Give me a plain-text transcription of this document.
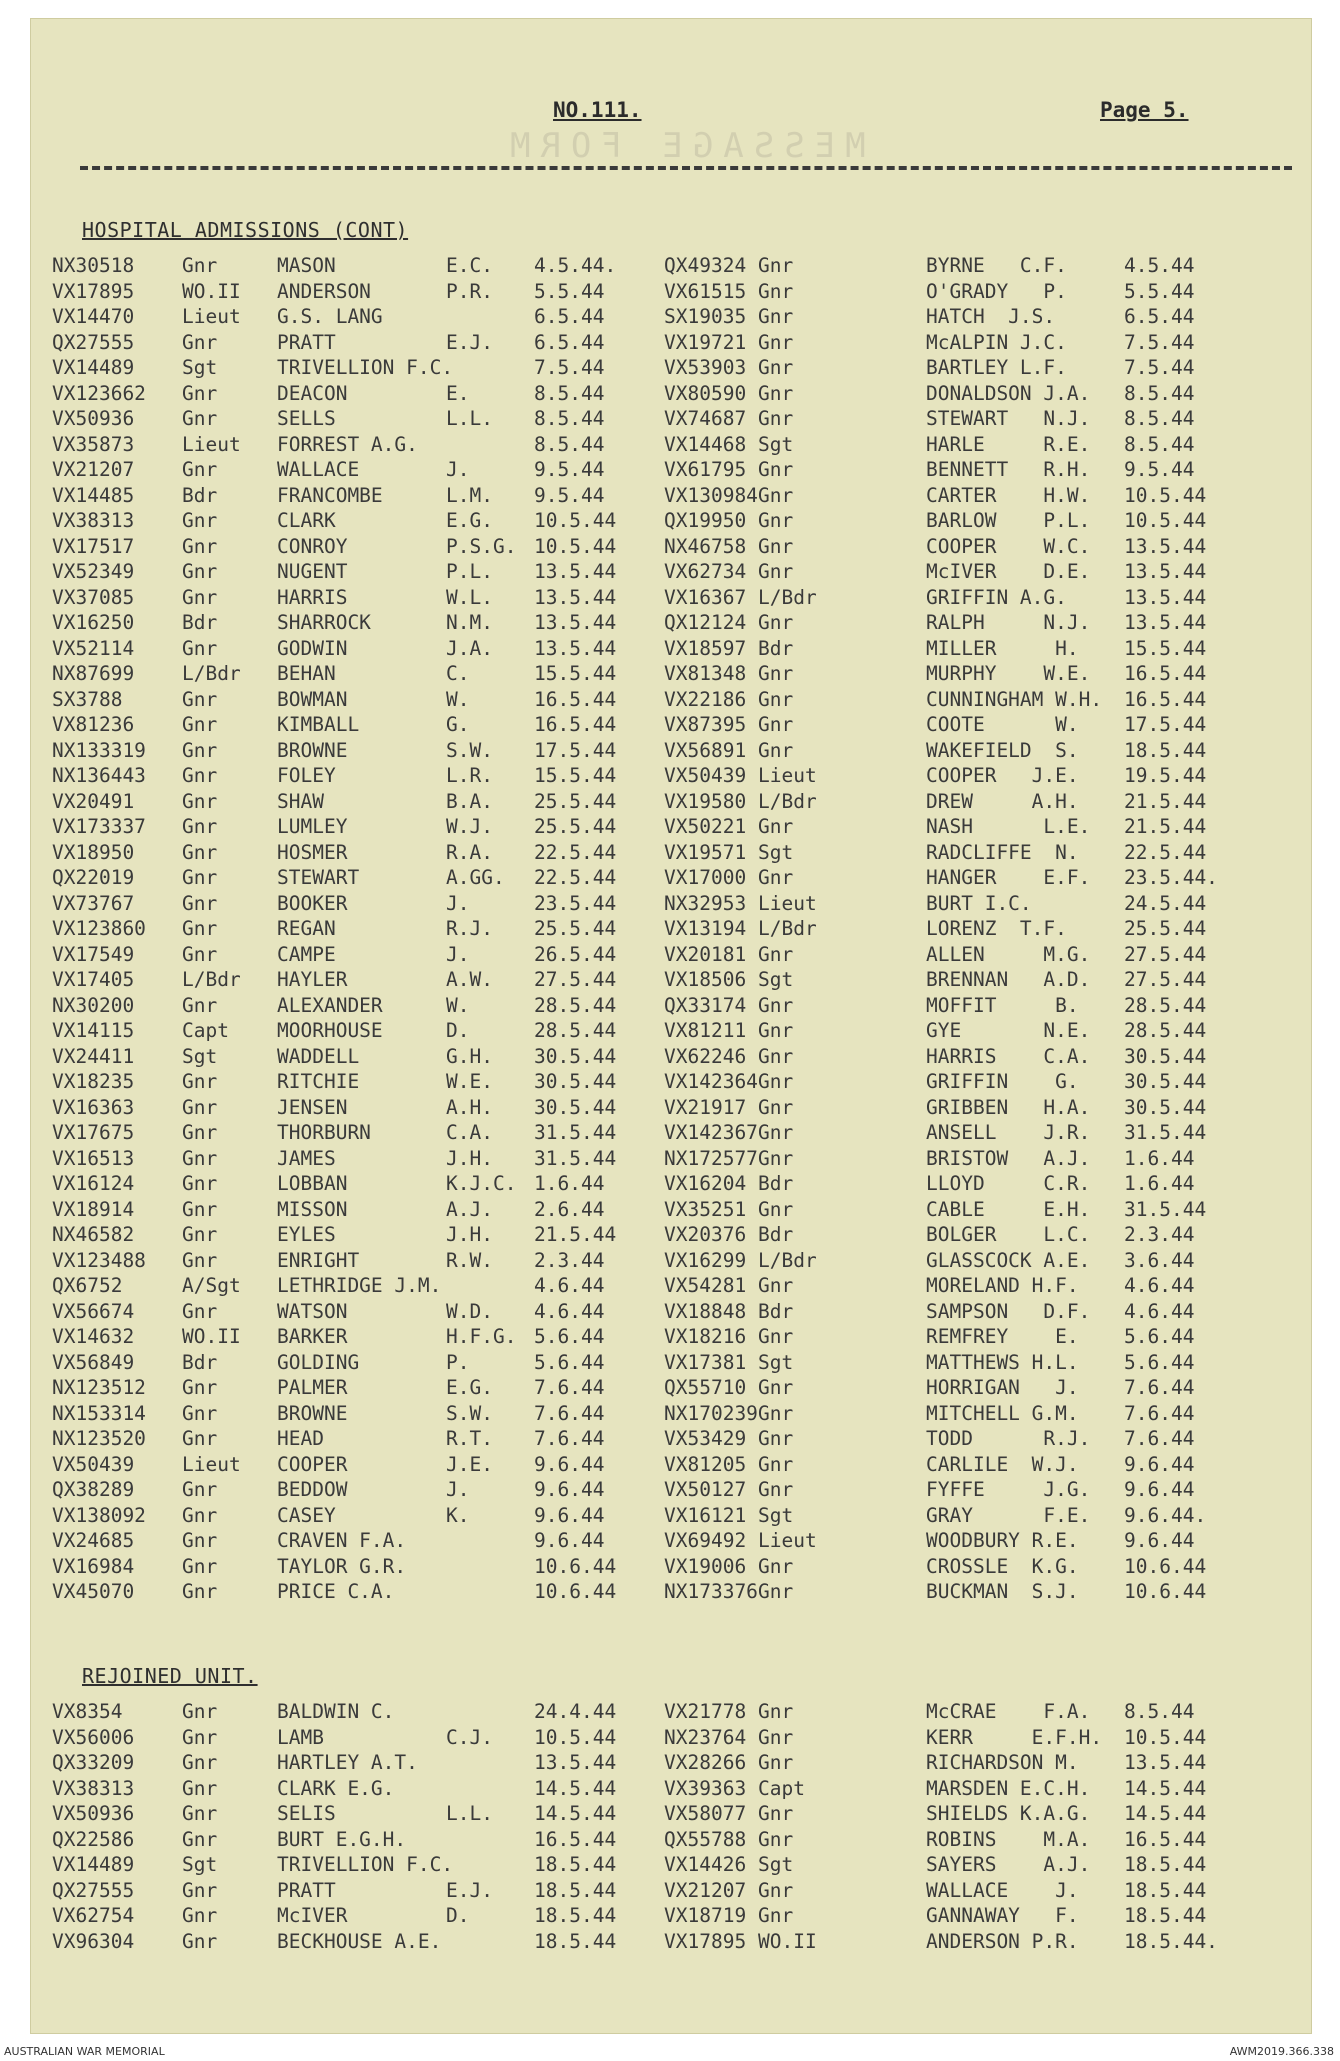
MESSAGE FORM
NO.111.	Page 5.
HOSPITAL ADMISSIONS (CONT)
REJOINED UNIT.
NX30518 Gnr	MASON	E.C. 4.5.44. QX49324 Gnr	BYRNE   C.F.	4.5.44
VX17895 WO.II ANDERSON	P.R. 5.5.44	VX61515 Gnr	O'GRADY   P.	5.5.44
VX14470 Lieut G.S. LANG	6.5.44	SX19035 Gnr	HATCH  J.S.	6.5.44
QX27555 Gnr	PRATT	E.J. 6.5.44	VX19721 Gnr	McALPIN J.C.	7.5.44
VX14489 Sgt	TRIVELLION F.C.	7.5.44	VX53903 Gnr	BARTLEY L.F.	7.5.44
VX123662 Gnr	DEACON	E.	8.5.44	VX80590 Gnr	DONALDSON J.A. 8.5.44
VX50936 Gnr	SELLS	L.L. 8.5.44	VX74687 Gnr	STEWART   N.J. 8.5.44
VX35873 Lieut FORREST A.G.	8.5.44	VX14468 Sgt	HARLE     R.E. 8.5.44
VX21207 Gnr	WALLACE	J.	9.5.44	VX61795 Gnr	BENNETT   R.H. 9.5.44
VX14485 Bdr	FRANCOMBE	L.M. 9.5.44	VX130984 Gnr	CARTER    H.W. 10.5.44
VX38313 Gnr	CLARK	E.G. 10.5.44 QX19950 Gnr	BARLOW    P.L. 10.5.44
VX17517 Gnr	CONROY	P.S.G. 10.5.44 NX46758 Gnr	COOPER    W.C. 13.5.44
VX52349 Gnr	NUGENT	P.L. 13.5.44 VX62734 Gnr	McIVER    D.E. 13.5.44
VX37085 Gnr	HARRIS	W.L. 13.5.44 VX16367 L/Bdr	GRIFFIN A.G.	13.5.44
VX16250 Bdr	SHARROCK	N.M. 13.5.44 QX12124 Gnr	RALPH     N.J. 13.5.44
VX52114 Gnr	GODWIN	J.A. 13.5.44 VX18597 Bdr	MILLER     H. 15.5.44
NX87699 L/Bdr BEHAN	C.	15.5.44 VX81348 Gnr	MURPHY    W.E. 16.5.44
SX3788	Gnr	BOWMAN	W.	16.5.44 VX22186 Gnr	CUNNINGHAM W.H. 16.5.44
VX81236 Gnr	KIMBALL	G.	16.5.44 VX87395 Gnr	COOTE      W. 17.5.44
NX133319 Gnr	BROWNE	S.W. 17.5.44 VX56891 Gnr	WAKEFIELD  S. 18.5.44
NX136443 Gnr	FOLEY	L.R. 15.5.44 VX50439 Lieut	COOPER   J.E. 19.5.44
VX20491 Gnr	SHAW	B.A. 25.5.44 VX19580 L/Bdr	DREW     A.H. 21.5.44
VX173337 Gnr	LUMLEY	W.J. 25.5.44 VX50221 Gnr	NASH      L.E. 21.5.44
VX18950 Gnr	HOSMER	R.A. 22.5.44 VX19571 Sgt	RADCLIFFE  N. 22.5.44
QX22019 Gnr	STEWART	A.GG. 22.5.44 VX17000 Gnr	HANGER    E.F. 23.5.44.
VX73767 Gnr	BOOKER	J.	23.5.44 NX32953 Lieut	BURT I.C.	24.5.44
VX123860 Gnr	REGAN	R.J. 25.5.44 VX13194 L/Bdr	LORENZ  T.F.	25.5.44
VX17549 Gnr	CAMPE	J.	26.5.44 VX20181 Gnr	ALLEN     M.G. 27.5.44
VX17405 L/Bdr HAYLER	A.W. 27.5.44 VX18506 Sgt	BRENNAN   A.D. 27.5.44
NX30200 Gnr	ALEXANDER	W.	28.5.44 QX33174 Gnr	MOFFIT     B. 28.5.44
VX14115 Capt MOORHOUSE	D.	28.5.44 VX81211 Gnr	GYE       N.E. 28.5.44
VX24411 Sgt	WADDELL	G.H. 30.5.44 VX62246 Gnr	HARRIS    C.A. 30.5.44
VX18235 Gnr	RITCHIE	W.E. 30.5.44 VX142364 Gnr	GRIFFIN    G. 30.5.44
VX16363 Gnr	JENSEN	A.H. 30.5.44 VX21917 Gnr	GRIBBEN   H.A. 30.5.44
VX17675 Gnr	THORBURN	C.A. 31.5.44 VX142367 Gnr	ANSELL    J.R. 31.5.44
VX16513 Gnr	JAMES	J.H. 31.5.44 NX172577 Gnr	BRISTOW   A.J. 1.6.44
VX16124 Gnr	LOBBAN	K.J.C. 1.6.44	VX16204 Bdr	LLOYD     C.R. 1.6.44
VX18914 Gnr	MISSON	A.J. 2.6.44	VX35251 Gnr	CABLE     E.H. 31.5.44
NX46582 Gnr	EYLES	J.H. 21.5.44 VX20376 Bdr	BOLGER    L.C. 2.3.44
VX123488 Gnr	ENRIGHT	R.W. 2.3.44	VX16299 L/Bdr	GLASSCOCK A.E. 3.6.44
QX6752	A/Sgt LETHRIDGE J.M.	4.6.44	VX54281 Gnr	MORELAND H.F. 4.6.44
VX56674 Gnr	WATSON	W.D. 4.6.44	VX18848 Bdr	SAMPSON   D.F. 4.6.44
VX14632 WO.II BARKER	H.F.G. 5.6.44	VX18216 Gnr	REMFREY    E. 5.6.44
VX56849 Bdr	GOLDING	P.	5.6.44	VX17381 Sgt	MATTHEWS H.L. 5.6.44
NX123512 Gnr	PALMER	E.G. 7.6.44	QX55710 Gnr	HORRIGAN   J. 7.6.44
NX153314 Gnr	BROWNE	S.W. 7.6.44	NX170239 Gnr	MITCHELL G.M. 7.6.44
NX123520 Gnr	HEAD	R.T. 7.6.44	VX53429 Gnr	TODD      R.J. 7.6.44
VX50439 Lieut COOPER	J.E. 9.6.44	VX81205 Gnr	CARLILE  W.J. 9.6.44
QX38289 Gnr	BEDDOW	J.	9.6.44	VX50127 Gnr	FYFFE     J.G. 9.6.44
VX138092 Gnr	CASEY	K.	9.6.44	VX16121 Sgt	GRAY      F.E. 9.6.44.
VX24685 Gnr	CRAVEN F.A.	9.6.44	VX69492 Lieut	WOODBURY R.E. 9.6.44
VX16984 Gnr	TAYLOR G.R.	10.6.44 VX19006 Gnr	CROSSLE  K.G. 10.6.44
VX45070 Gnr	PRICE C.A.	10.6.44 NX173376 Gnr	BUCKMAN  S.J. 10.6.44
VX8354	Gnr	BALDWIN C.	24.4.44 VX21778 Gnr	McCRAE    F.A. 8.5.44
VX56006 Gnr	LAMB	C.J. 10.5.44 NX23764 Gnr	KERR     E.F.H. 10.5.44
QX33209 Gnr	HARTLEY A.T.	13.5.44 VX28266 Gnr	RICHARDSON M. 13.5.44
VX38313 Gnr	CLARK E.G.	14.5.44 VX39363 Capt	MARSDEN E.C.H. 14.5.44
VX50936 Gnr	SELIS	L.L. 14.5.44 VX58077 Gnr	SHIELDS K.A.G. 14.5.44
QX22586 Gnr	BURT E.G.H.	16.5.44 QX55788 Gnr	ROBINS    M.A. 16.5.44
VX14489 Sgt	TRIVELLION F.C.	18.5.44 VX14426 Sgt	SAYERS    A.J. 18.5.44
QX27555 Gnr	PRATT	E.J. 18.5.44 VX21207 Gnr	WALLACE    J. 18.5.44
VX62754 Gnr	McIVER	D.	18.5.44 VX18719 Gnr	GANNAWAY   F. 18.5.44
VX96304 Gnr	BECKHOUSE A.E.	18.5.44 VX17895 WO.II	ANDERSON P.R. 18.5.44.
AUSTRALIAN WAR MEMORIAL	AWM2019.366.338
